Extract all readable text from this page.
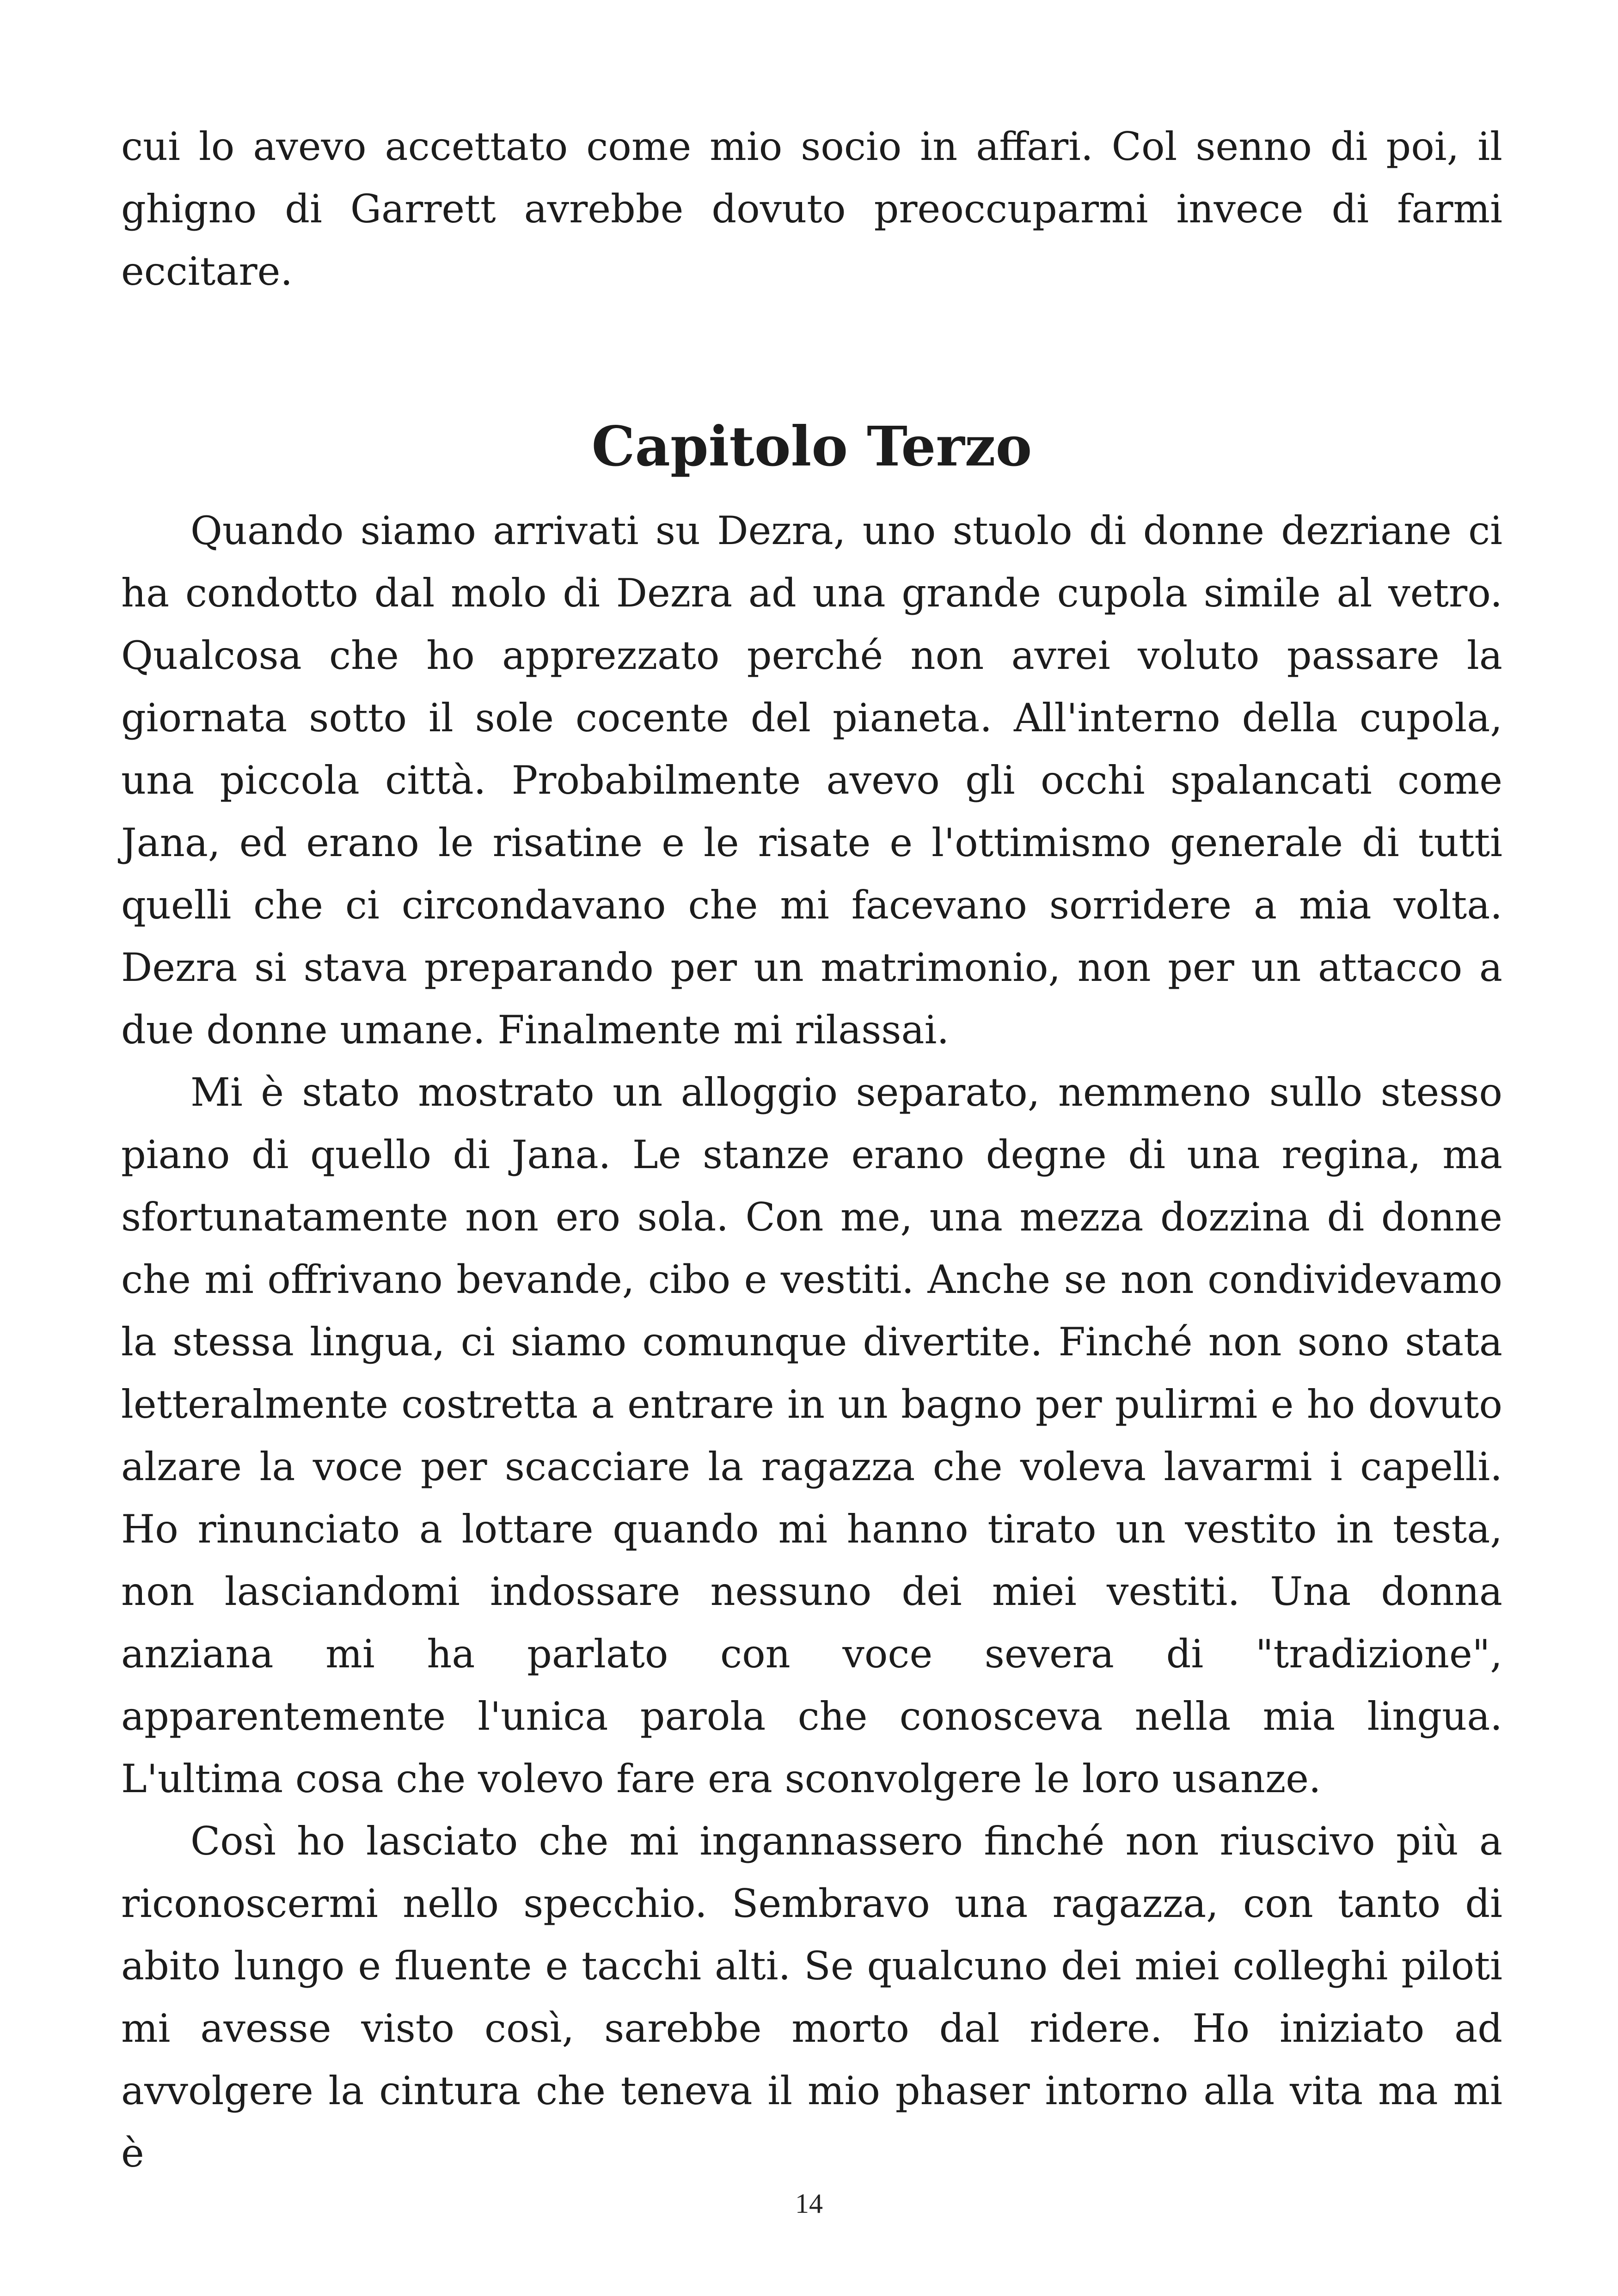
cui lo avevo accettato come mio socio in affari. Col senno di poi, il ghigno di Garrett avrebbe dovuto preoccuparmi invece di farmi eccitare.

Capitolo Terzo

Quando siamo arrivati su Dezra, uno stuolo di donne dezriane ci ha condotto dal molo di Dezra ad una grande cupola simile al vetro. Qualcosa che ho apprezzato perché non avrei voluto passare la giornata sotto il sole cocente del pianeta. All'interno della cupola, una piccola città. Probabilmente avevo gli occhi spalancati come Jana, ed erano le risatine e le risate e l'ottimismo generale di tutti quelli che ci circondavano che mi facevano sorridere a mia volta. Dezra si stava preparando per un matrimonio, non per un attacco a due donne umane. Finalmente mi rilassai.

Mi è stato mostrato un alloggio separato, nemmeno sullo stesso piano di quello di Jana. Le stanze erano degne di una regina, ma sfortunatamente non ero sola. Con me, una mezza dozzina di donne che mi offrivano bevande, cibo e vestiti. Anche se non condividevamo la stessa lingua, ci siamo comunque divertite. Finché non sono stata letteralmente costretta a entrare in un bagno per pulirmi e ho dovuto alzare la voce per scacciare la ragazza che voleva lavarmi i capelli. Ho rinunciato a lottare quando mi hanno tirato un vestito in testa, non lasciandomi indossare nessuno dei miei vestiti. Una donna anziana mi ha parlato con voce severa di "tradizione", apparentemente l'unica parola che conosceva nella mia lingua. L'ultima cosa che volevo fare era sconvolgere le loro usanze.

Così ho lasciato che mi ingannassero finché non riuscivo più a riconoscermi nello specchio. Sembravo una ragazza, con tanto di abito lungo e fluente e tacchi alti. Se qualcuno dei miei colleghi piloti mi avesse visto così, sarebbe morto dal ridere. Ho iniziato ad avvolgere la cintura che teneva il mio phaser intorno alla vita ma mi è

14
